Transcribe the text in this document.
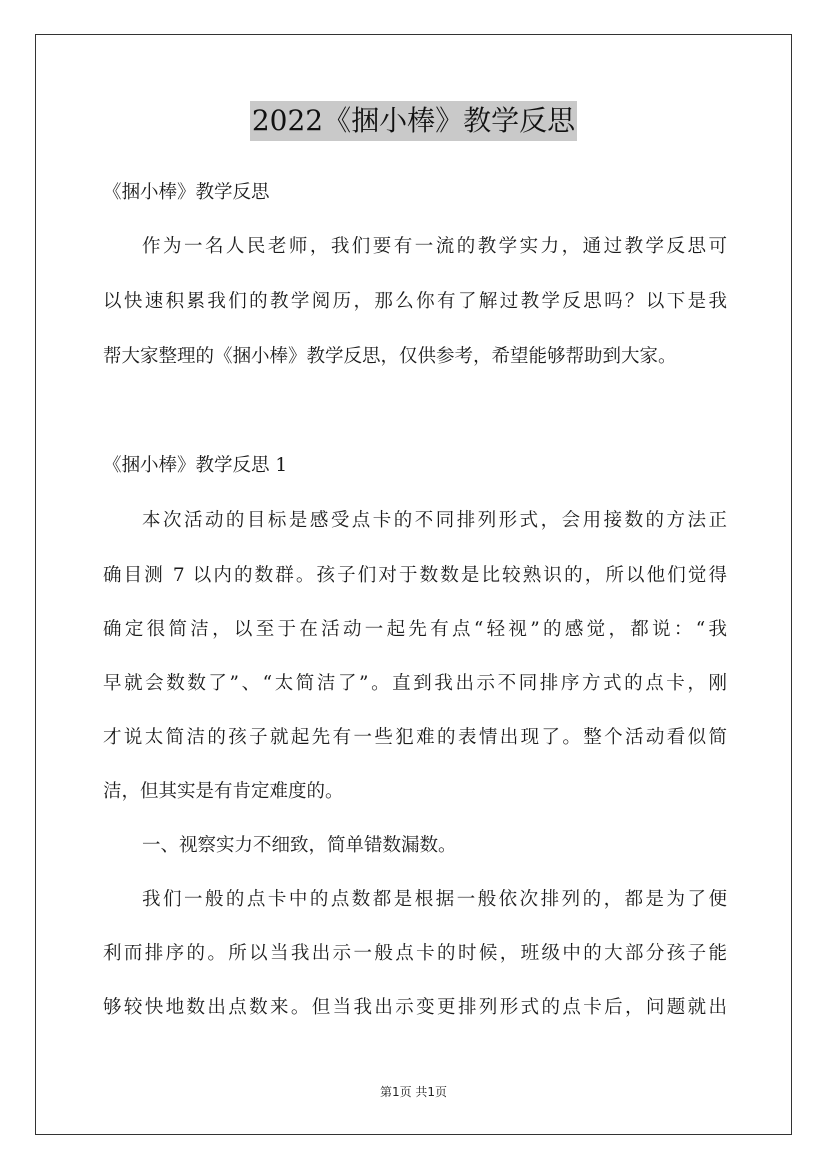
2022《捆小棒》教学反思
《捆小棒》教学反思
作为一名人民老师，我们要有一流的教学实力，通过教学反思可
以快速积累我们的教学阅历，那么你有了解过教学反思吗？以下是我
帮大家整理的《捆小棒》教学反思，仅供参考，希望能够帮助到大家。
《捆小棒》教学反思 1
本次活动的目标是感受点卡的不同排列形式，会用接数的方法正
确目测 7 以内的数群。孩子们对于数数是比较熟识的，所以他们觉得
确定很简洁，以至于在活动一起先有点“轻视”的感觉，都说：“我
早就会数数了”、“太简洁了”。直到我出示不同排序方式的点卡，刚
才说太简洁的孩子就起先有一些犯难的表情出现了。整个活动看似简
洁，但其实是有肯定难度的。
一、视察实力不细致，简单错数漏数。
我们一般的点卡中的点数都是根据一般依次排列的，都是为了便
利而排序的。所以当我出示一般点卡的时候，班级中的大部分孩子能
够较快地数出点数来。但当我出示变更排列形式的点卡后，问题就出
第1页 共1页
